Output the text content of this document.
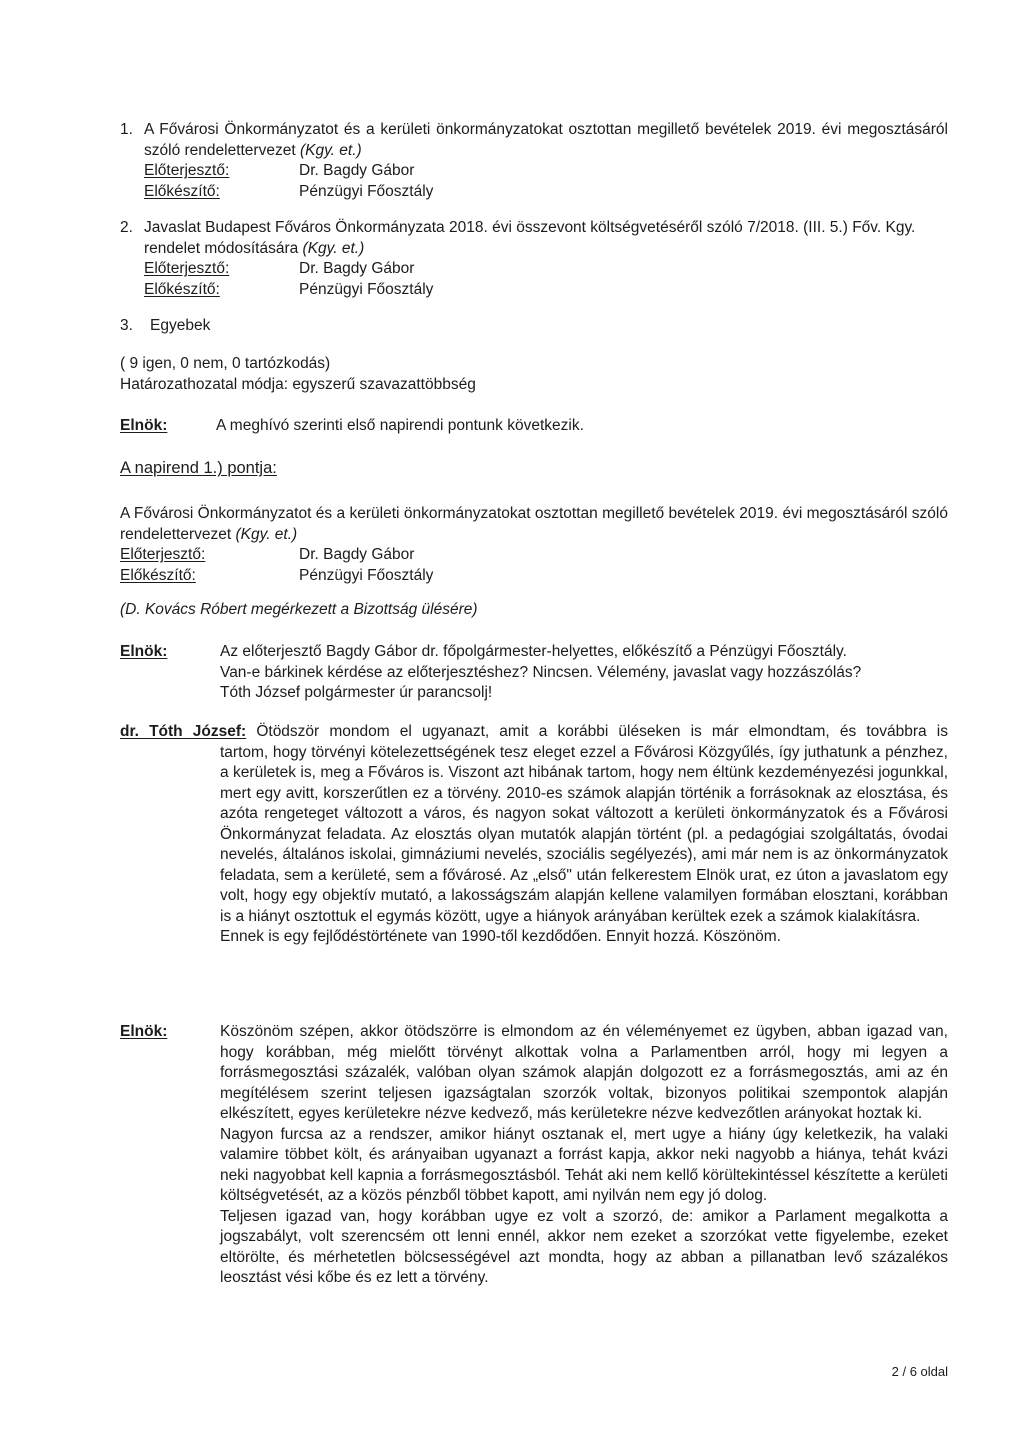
1. A Fővárosi Önkormányzatot és a kerületi önkormányzatokat osztottan megillető bevételek 2019. évi megosztásáról szóló rendelettervezet (Kgy. et.)

Előterjesztő:	Dr. Bagdy Gábor
Előkészítő:	Pénzügyi Főosztály
2. Javaslat Budapest Főváros Önkormányzata 2018. évi összevont költségvetéséről szóló 7/2018. (III. 5.) Főv. Kgy. rendelet módosítására (Kgy. et.)

Előterjesztő:	Dr. Bagdy Gábor
Előkészítő:	Pénzügyi Főosztály
3.	Egyebek
( 9 igen, 0 nem, 0 tartózkodás)
Határozathozatal módja: egyszerű szavazattöbbség
Elnök:	A meghívó szerinti első napirendi pontunk következik.
A napirend 1.) pontja:

A Fővárosi Önkormányzatot és a kerületi önkormányzatokat osztottan megillető bevételek 2019. évi megosztásáról szóló rendelettervezet (Kgy. et.)

Előterjesztő:	Dr. Bagdy Gábor
Előkészítő:	Pénzügyi Főosztály
(D. Kovács Róbert megérkezett a Bizottság ülésére)
Elnök:	Az előterjesztő Bagdy Gábor dr. főpolgármester-helyettes, előkészítő a Pénzügyi Főosztály.
Van-e bárkinek kérdése az előterjesztéshez? Nincsen. Vélemény, javaslat vagy hozzászólás?
Tóth József polgármester úr parancsolj!

dr. Tóth József: Ötödször mondom el ugyanazt, amit a korábbi üléseken is már elmondtam, és továbbra is

tartom, hogy törvényi kötelezettségének tesz eleget ezzel a Fővárosi Közgyűlés, így juthatunk a pénzhez, a kerületek is, meg a Főváros is. Viszont azt hibának tartom, hogy nem éltünk kezdeményezési jogunkkal, mert egy avitt, korszerűtlen ez a törvény. 2010-es számok alapján történik a forrásoknak az elosztása, és azóta rengeteget változott a város, és nagyon sokat változott a kerületi önkormányzatok és a Fővárosi Önkormányzat feladata. Az elosztás olyan mutatók alapján történt (pl. a pedagógiai szolgáltatás, óvodai nevelés, általános iskolai, gimnáziumi nevelés, szociális segélyezés), ami már nem is az önkormányzatok feladata, sem a kerületé, sem a fővárosé. Az „első" után felkerestem Elnök urat, ez úton a javaslatom egy volt, hogy egy objektív mutató, a lakosságszám alapján kellene valamilyen formában elosztani, korábban is a hiányt osztottuk el egymás között, ugye a hiányok arányában kerültek ezek a számok kialakításra.

Ennek is egy fejlődéstörténete van 1990-től kezdődően. Ennyit hozzá. Köszönöm.

Elnök:	Köszönöm szépen, akkor ötödszörre is elmondom az én véleményemet ez ügyben, abban igazad van, hogy korábban, még mielőtt törvényt alkottak volna a Parlamentben arról, hogy mi legyen a forrásmegosztási százalék, valóban olyan számok alapján dolgozott ez a forrásmegosztás, ami az én megítélésem szerint teljesen igazságtalan szorzók voltak, bizonyos politikai szempontok alapján elkészített, egyes kerületekre nézve kedvező, más kerületekre nézve kedvezőtlen arányokat hoztak ki.

Nagyon furcsa az a rendszer, amikor hiányt osztanak el, mert ugye a hiány úgy keletkezik, ha valaki valamire többet költ, és arányaiban ugyanazt a forrást kapja, akkor neki nagyobb a hiánya, tehát kvázi neki nagyobbat kell kapnia a forrásmegosztásból. Tehát aki nem kellő körültekintéssel készítette a kerületi költségvetését, az a közös pénzből többet kapott, ami nyilván nem egy jó dolog.

Teljesen igazad van, hogy korábban ugye ez volt a szorzó, de: amikor a Parlament megalkotta a jogszabályt, volt szerencsém ott lenni ennél, akkor nem ezeket a szorzókat vette figyelembe, ezeket eltörölte, és mérhetetlen bölcsességével azt mondta, hogy az abban a pillanatban levő százalékos leosztást vési kőbe és ez lett a törvény.

2 / 6 oldal
